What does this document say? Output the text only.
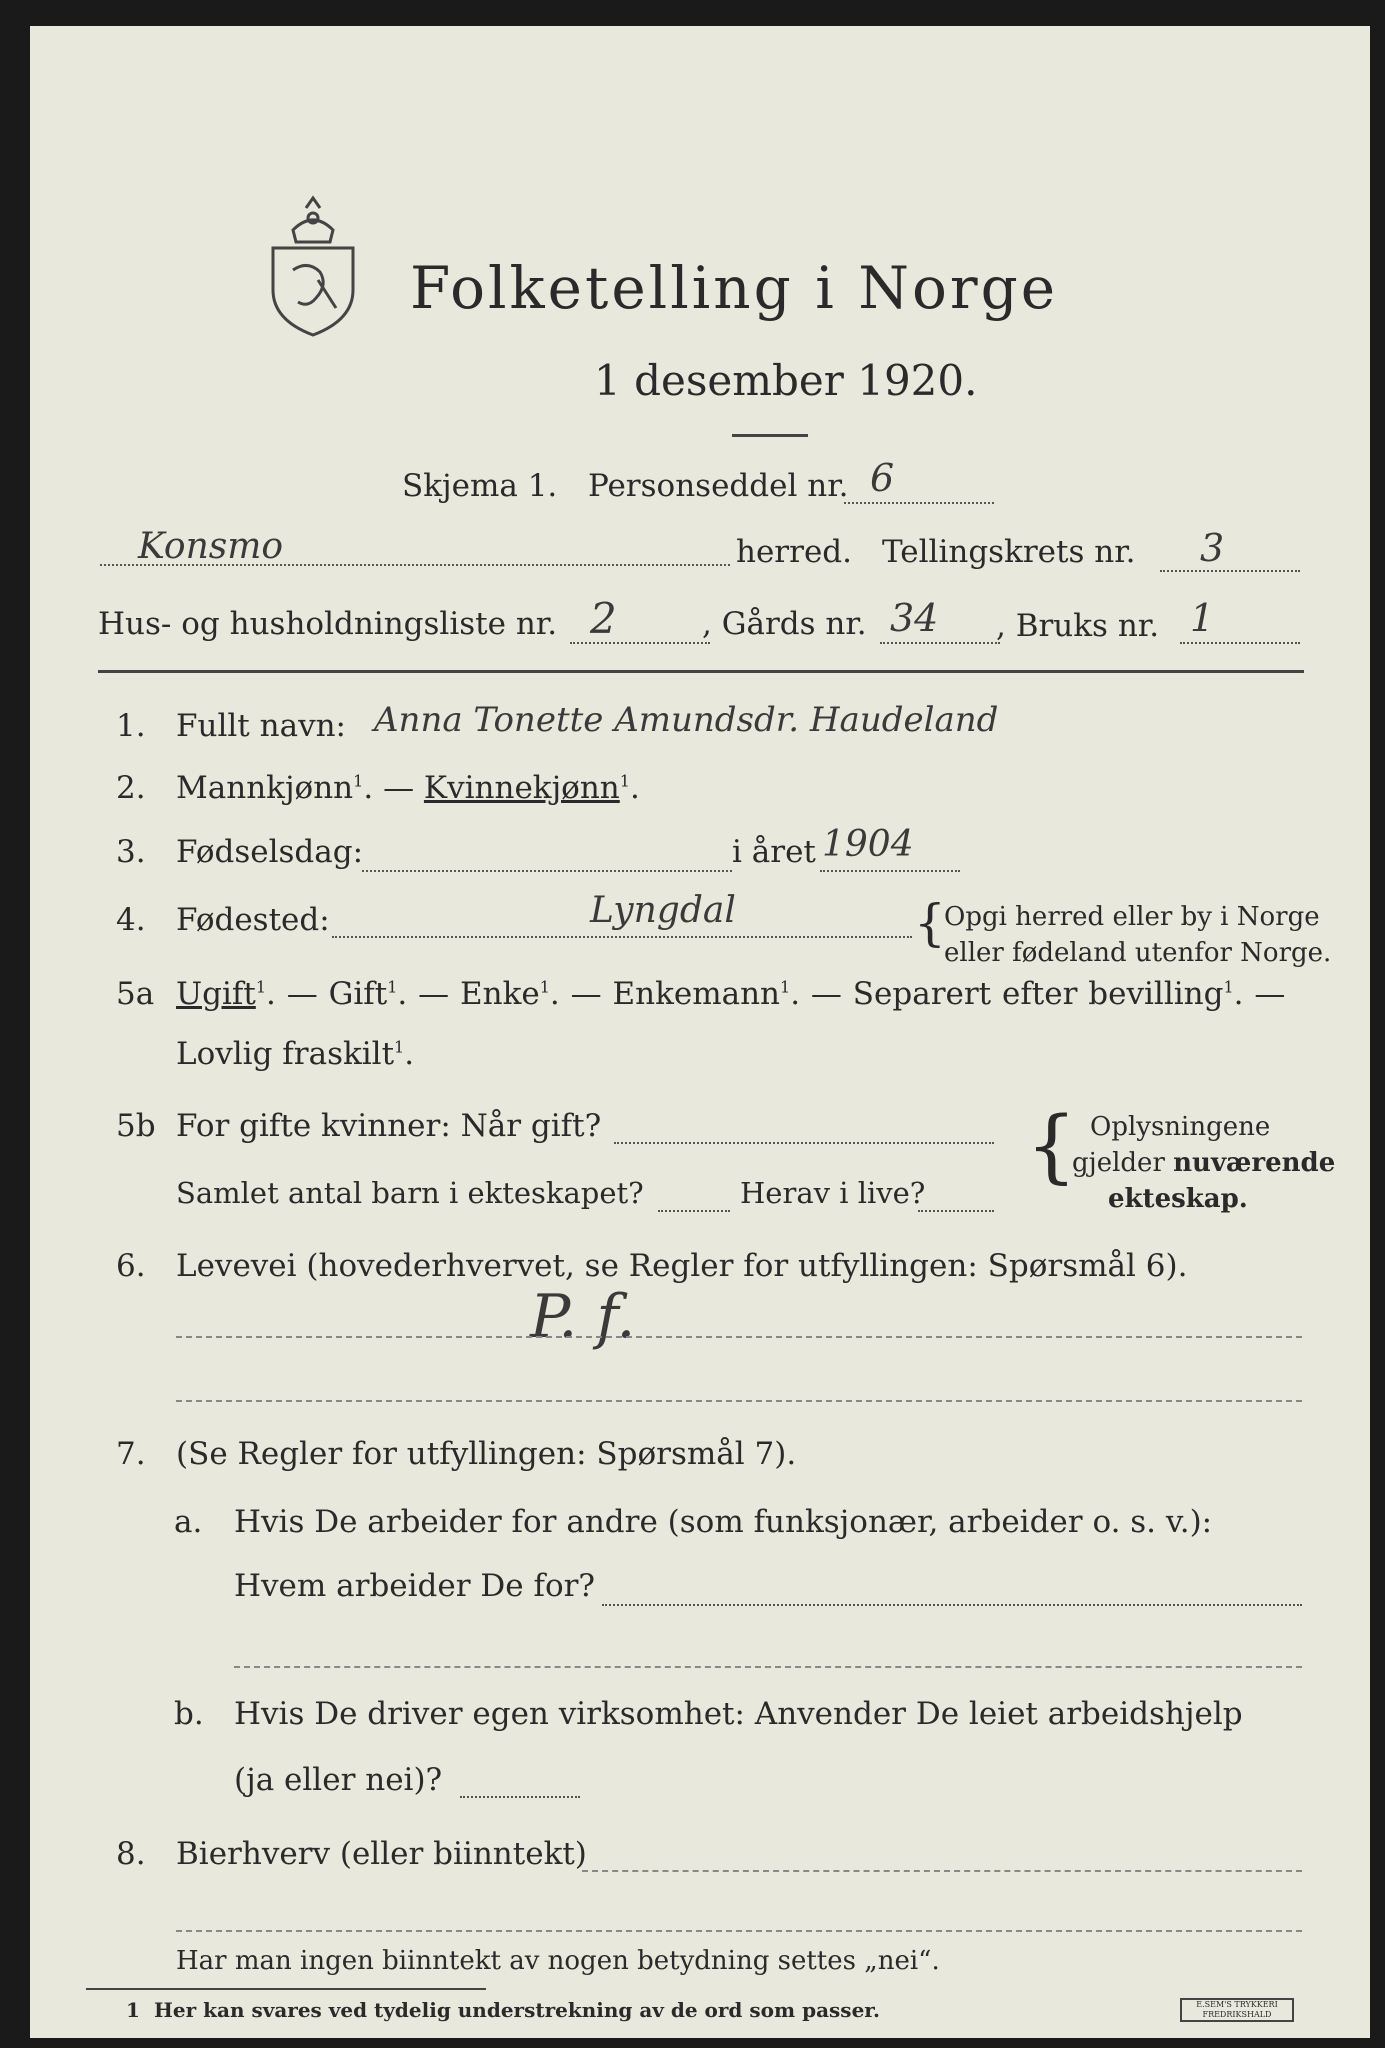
Folketelling i Norge
1 desember 1920.
Skjema 1. Personseddel nr. 6
Konsmo	herred. Tellingskrets nr. 3
Hus- og husholdningsliste nr. 2	, Gårds nr. 34 , Bruks nr. 1
1. Fullt navn: Anna Tonette Amundsdr. Haudeland
2. Mannkjønn$^1$. — Kvinnekjønn$^1$.
3. Fødselsdag:	i året 1904
4. Fødested:	Lyngdal	{
Opgi herred eller by i Norge
eller fødeland utenfor Norge.
5a Ugift$^1$. — Gift$^1$. — Enke$^1$. — Enkemann$^1$. — Separert efter bevilling$^1$. —
Lovlig fraskilt$^1$.
5b For gifte kvinner: Når gift?	{ Oplysningene
gjelder nuværende
ekteskap.
Samlet antal barn i ekteskapet?	Herav i live?
6. Levevei (hovederhvervet, se Regler for utfyllingen: Spørsmål 6).
P. f.
7. (Se Regler for utfyllingen: Spørsmål 7).
a. Hvis De arbeider for andre (som funksjonær, arbeider o. s. v.):
Hvem arbeider De for?
b. Hvis De driver egen virksomhet: Anvender De leiet arbeidshjelp
(ja eller nei)?
8. Bierhverv (eller biinntekt)
Har man ingen biinntekt av nogen betydning settes „nei“.
1 Her kan svares ved tydelig understrekning av de ord som passer.	E.SEM'S TRYKKERI FREDRIKSHALD
